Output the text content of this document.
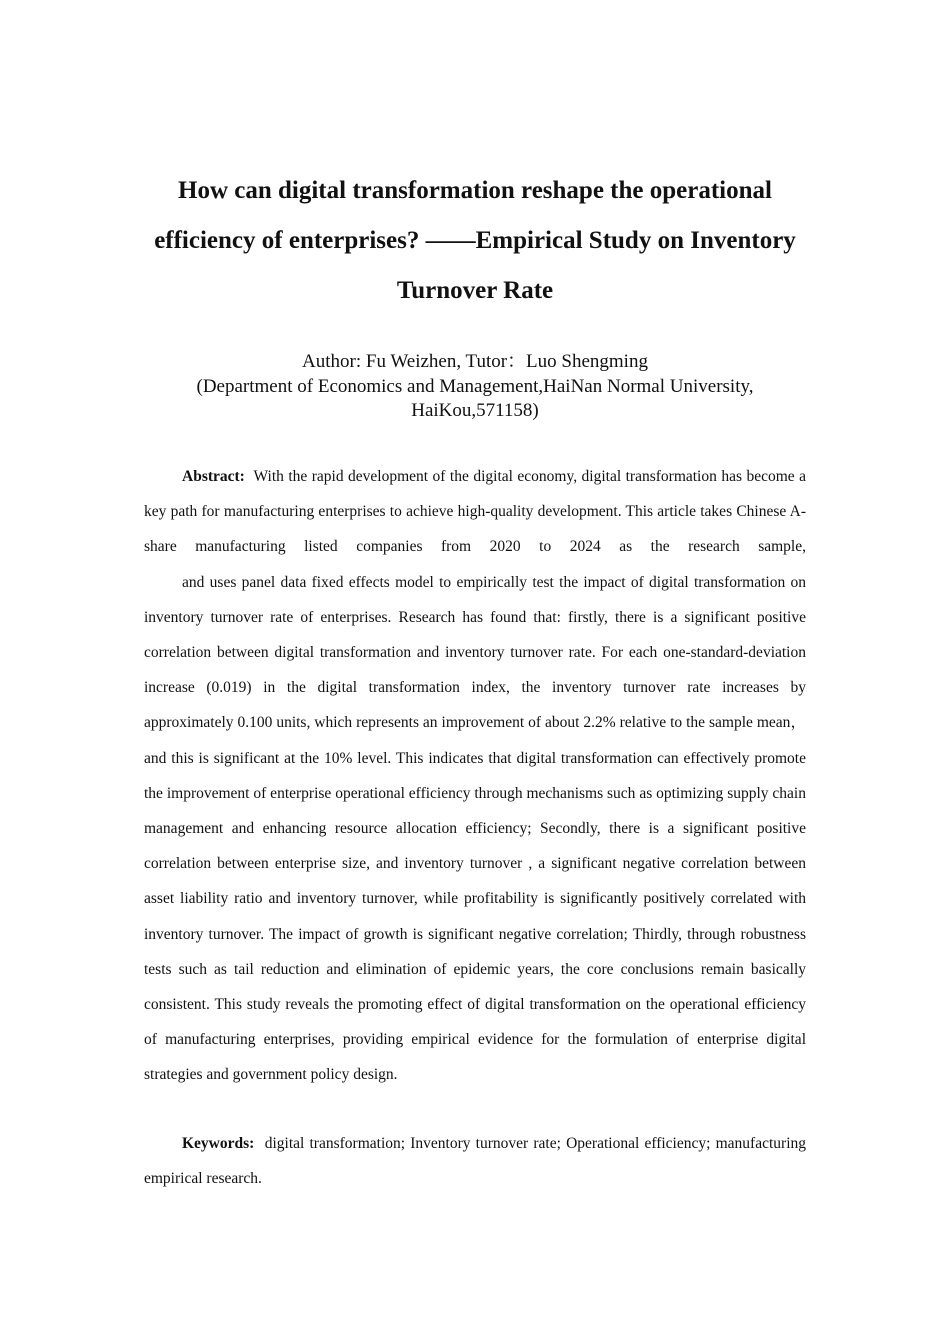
How can digital transformation reshape the operational efficiency of enterprises? ——Empirical Study on Inventory Turnover Rate
Author: Fu Weizhen, Tutor：Luo Shengming
(Department of Economics and Management,HaiNan Normal University,
HaiKou,571158)

Abstract: With the rapid development of the digital economy, digital transformation has become a key path for manufacturing enterprises to achieve high-quality development. This article takes Chinese A-share manufacturing listed companies from 2020 to 2024 as the research sample,

and uses panel data fixed effects model to empirically test the impact of digital transformation on inventory turnover rate of enterprises. Research has found that: firstly, there is a significant positive correlation between digital transformation and inventory turnover rate. For each one-standard-deviation increase (0.019) in the digital transformation index, the inventory turnover rate increases by approximately 0.100 units, which represents an improvement of about 2.2% relative to the sample mean， and this is significant at the 10% level. This indicates that digital transformation can effectively promote the improvement of enterprise operational efficiency through mechanisms such as optimizing supply chain management and enhancing resource allocation efficiency; Secondly, there is a significant positive correlation between enterprise size, and inventory turnover , a significant negative correlation between asset liability ratio and inventory turnover, while profitability is significantly positively correlated with inventory turnover. The impact of growth is significant negative correlation; Thirdly, through robustness tests such as tail reduction and elimination of epidemic years, the core conclusions remain basically consistent. This study reveals the promoting effect of digital transformation on the operational efficiency of manufacturing enterprises, providing empirical evidence for the formulation of enterprise digital strategies and government policy design.

Keywords: digital transformation; Inventory turnover rate; Operational efficiency; manufacturing empirical research.
